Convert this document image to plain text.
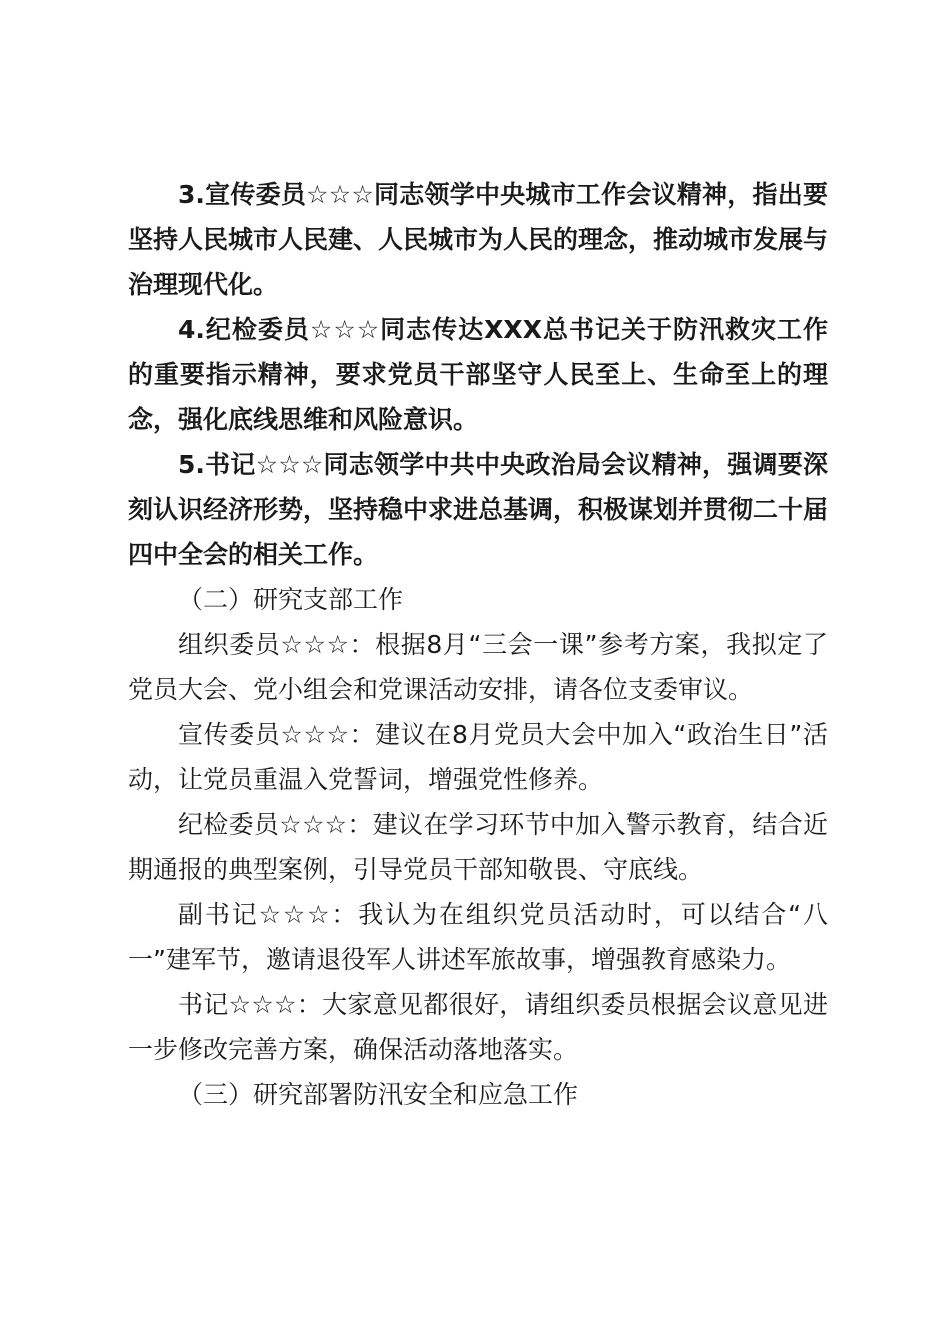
3.宣传委员☆☆☆同志领学中央城市工作会议精神，指出要坚持人民城市人民建、人民城市为人民的理念，推动城市发展与治理现代化。

4.纪检委员☆☆☆同志传达XXX总书记关于防汛救灾工作的重要指示精神，要求党员干部坚守人民至上、生命至上的理念，强化底线思维和风险意识。

5.书记☆☆☆同志领学中共中央政治局会议精神，强调要深刻认识经济形势，坚持稳中求进总基调，积极谋划并贯彻二十届四中全会的相关工作。

（二）研究支部工作

组织委员☆☆☆：根据8月“三会一课”参考方案，我拟定了党员大会、党小组会和党课活动安排，请各位支委审议。

宣传委员☆☆☆：建议在8月党员大会中加入“政治生日”活动，让党员重温入党誓词，增强党性修养。

纪检委员☆☆☆：建议在学习环节中加入警示教育，结合近期通报的典型案例，引导党员干部知敬畏、守底线。

副书记☆☆☆：我认为在组织党员活动时，可以结合“八一”建军节，邀请退役军人讲述军旅故事，增强教育感染力。

书记☆☆☆：大家意见都很好，请组织委员根据会议意见进一步修改完善方案，确保活动落地落实。

（三）研究部署防汛安全和应急工作
